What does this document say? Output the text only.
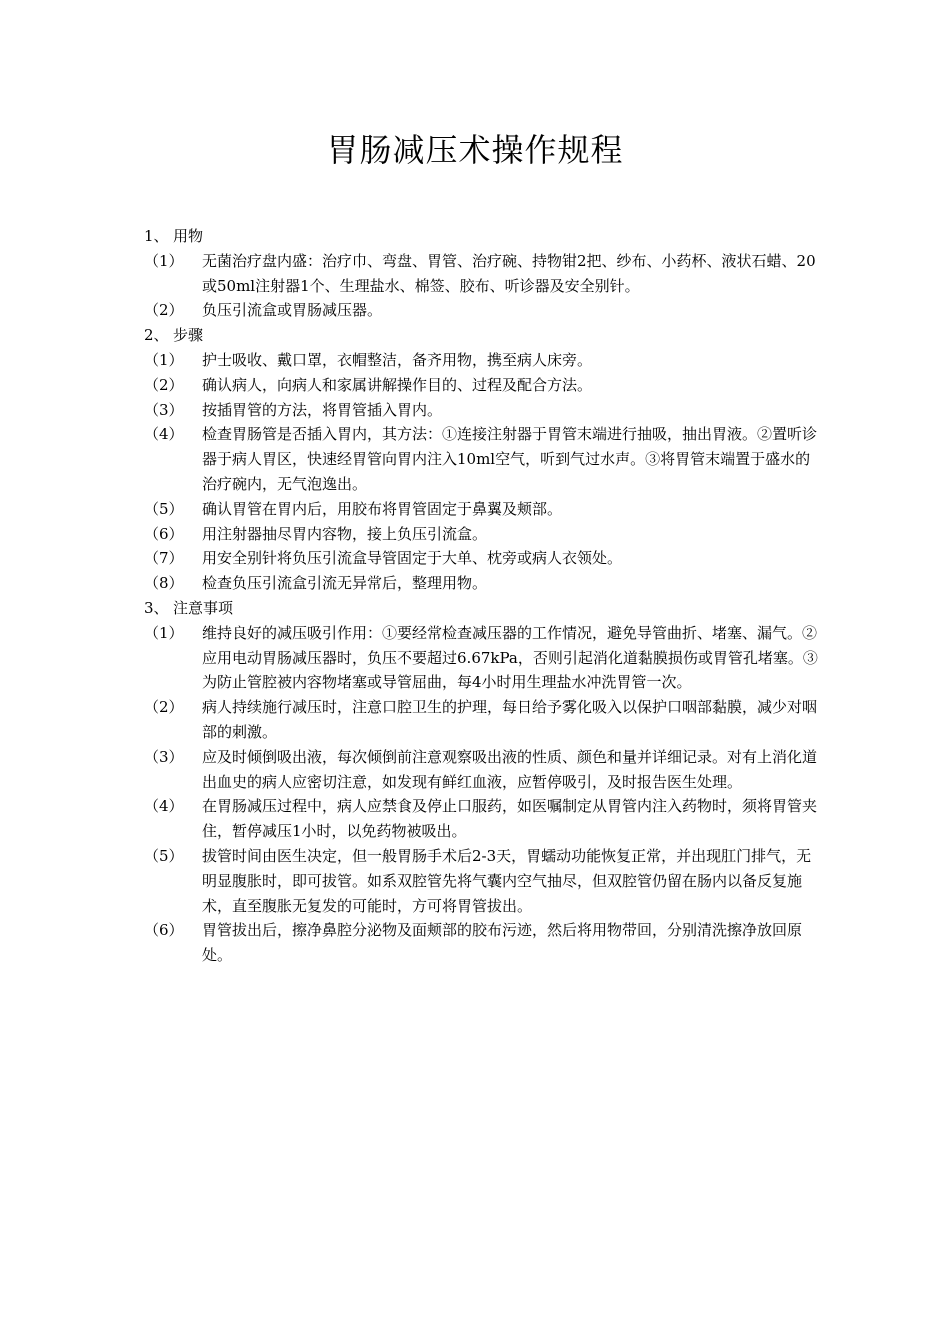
胃肠减压术操作规程
1、 用物
（1）	无菌治疗盘内盛：治疗巾、弯盘、胃管、治疗碗、持物钳2把、纱布、小药杯、液状石蜡、20或50ml注射器1个、生理盐水、棉签、胶布、听诊器及安全别针。
（2）	负压引流盒或胃肠减压器。
2、 步骤
（1）	护士吸收、戴口罩，衣帽整洁，备齐用物，携至病人床旁。
（2）	确认病人，向病人和家属讲解操作目的、过程及配合方法。
（3）	按插胃管的方法，将胃管插入胃内。
（4）	检查胃肠管是否插入胃内，其方法：①连接注射器于胃管末端进行抽吸，抽出胃液。②置听诊器于病人胃区，快速经胃管向胃内注入10ml空气，听到气过水声。③将胃管末端置于盛水的治疗碗内，无气泡逸出。
（5）	确认胃管在胃内后，用胶布将胃管固定于鼻翼及颊部。
（6）	用注射器抽尽胃内容物，接上负压引流盒。
（7）	用安全别针将负压引流盒导管固定于大单、枕旁或病人衣领处。
（8）	检查负压引流盒引流无异常后，整理用物。
3、 注意事项
（1）	维持良好的减压吸引作用：①要经常检查减压器的工作情况，避免导管曲折、堵塞、漏气。②应用电动胃肠减压器时，负压不要超过6.67kPa，否则引起消化道黏膜损伤或胃管孔堵塞。③为防止管腔被内容物堵塞或导管屈曲，每4小时用生理盐水冲洗胃管一次。
（2）	病人持续施行减压时，注意口腔卫生的护理，每日给予雾化吸入以保护口咽部黏膜，减少对咽部的刺激。
（3）	应及时倾倒吸出液，每次倾倒前注意观察吸出液的性质、颜色和量并详细记录。对有上消化道出血史的病人应密切注意，如发现有鲜红血液，应暂停吸引，及时报告医生处理。
（4）	在胃肠减压过程中，病人应禁食及停止口服药，如医嘱制定从胃管内注入药物时，须将胃管夹住，暂停减压1小时，以免药物被吸出。
（5）	拔管时间由医生决定，但一般胃肠手术后2-3天，胃蠕动功能恢复正常，并出现肛门排气，无明显腹胀时，即可拔管。如系双腔管先将气囊内空气抽尽，但双腔管仍留在肠内以备反复施术，直至腹胀无复发的可能时，方可将胃管拔出。
（6）	胃管拔出后，擦净鼻腔分泌物及面颊部的胶布污迹，然后将用物带回，分别清洗擦净放回原处。
